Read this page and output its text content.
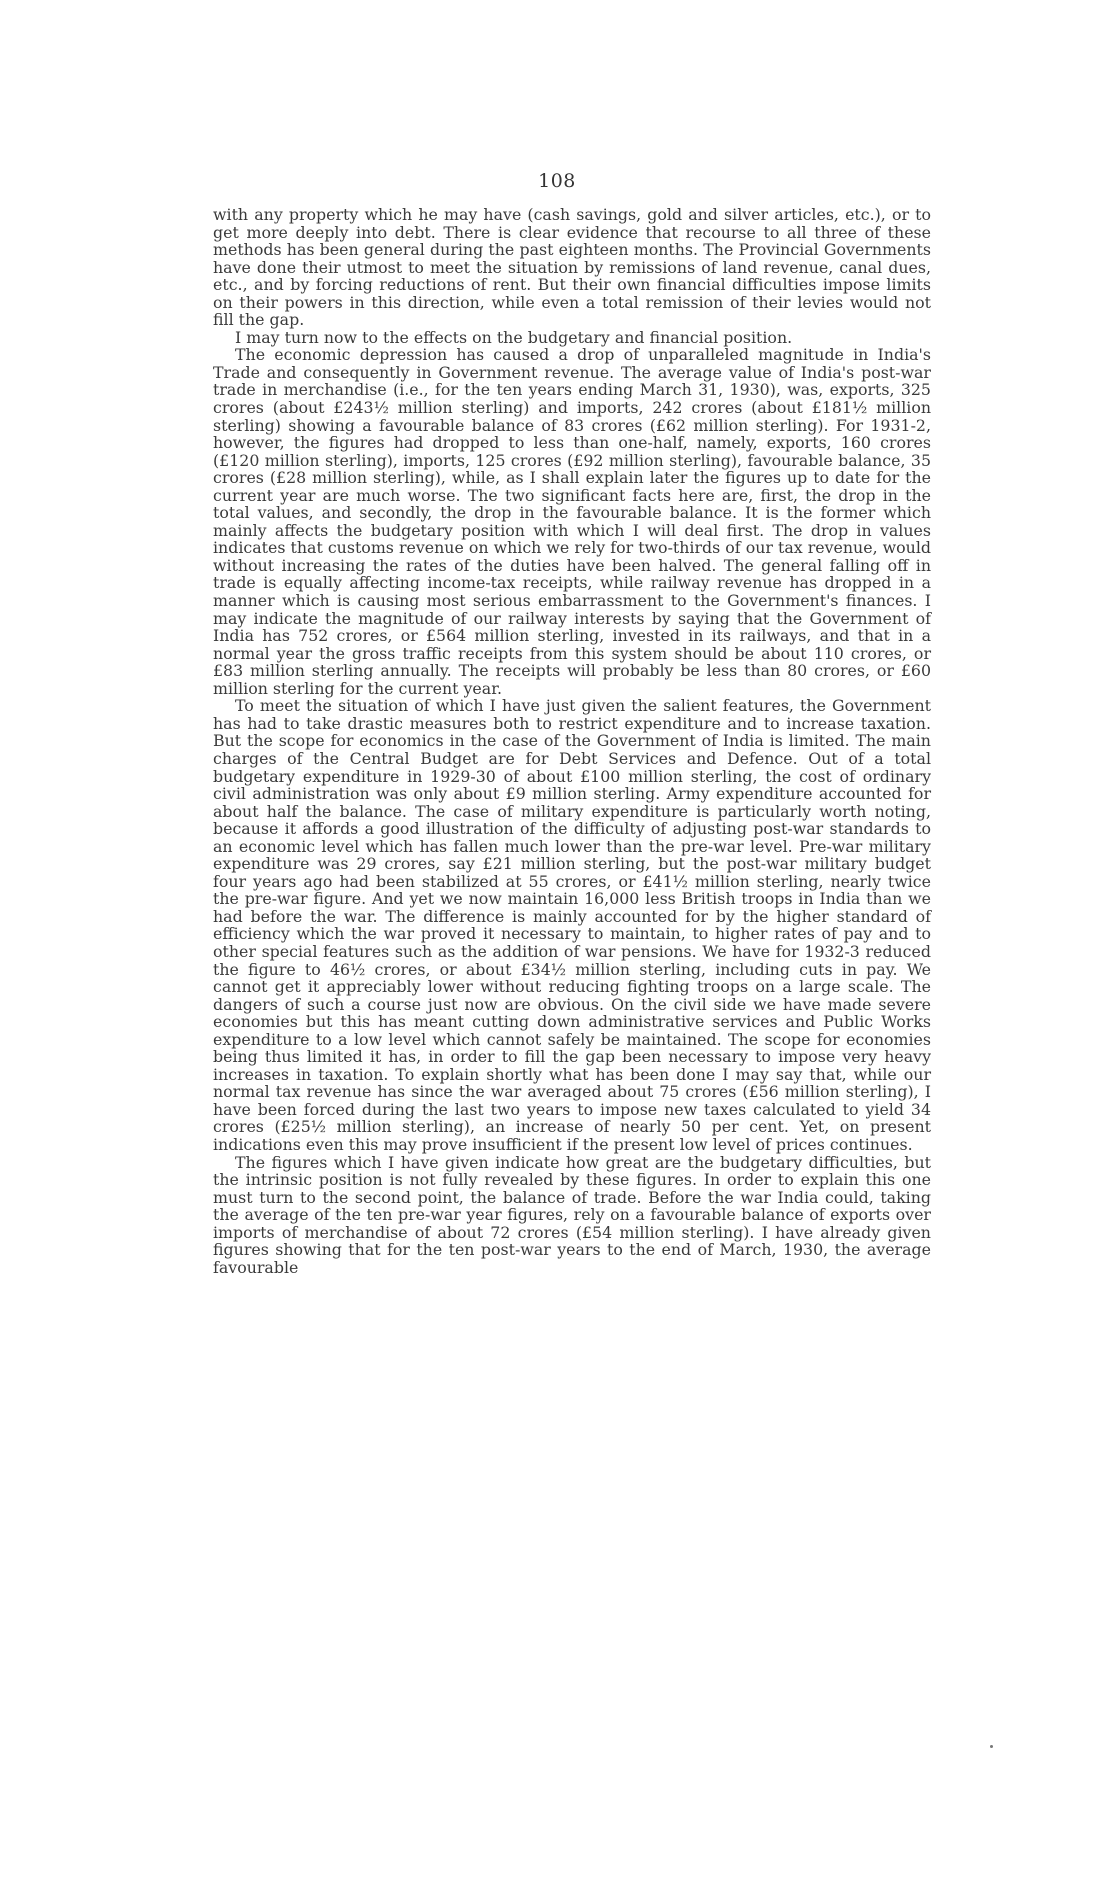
108

with any property which he may have (cash savings, gold and silver articles, etc.), or to get more deeply into debt. There is clear evidence that recourse to all three of these methods has been general during the past eighteen months. The Provincial Governments have done their utmost to meet the situation by remissions of land revenue, canal dues, etc., and by forcing reductions of rent. But their own financial difficulties impose limits on their powers in this direction, while even a total remission of their levies would not fill the gap.

I may turn now to the effects on the budgetary and financial position.

The economic depression has caused a drop of unparalleled magnitude in India's Trade and consequently in Government revenue. The average value of India's post-war trade in merchandise (i.e., for the ten years ending March 31, 1930), was, exports, 325 crores (about £243½ million sterling) and imports, 242 crores (about £181½ million sterling) showing a favourable balance of 83 crores (£62 million sterling). For 1931-2, however, the figures had dropped to less than one-half, namely, exports, 160 crores (£120 million sterling), imports, 125 crores (£92 million sterling), favourable balance, 35 crores (£28 million sterling), while, as I shall explain later the figures up to date for the current year are much worse. The two significant facts here are, first, the drop in the total values, and secondly, the drop in the favourable balance. It is the former which mainly affects the budgetary position with which I will deal first. The drop in values indicates that customs revenue on which we rely for two-thirds of our tax revenue, would without increasing the rates of the duties have been halved. The general falling off in trade is equally affecting income-tax receipts, while railway revenue has dropped in a manner which is causing most serious embarrassment to the Government's finances. I may indicate the magnitude of our railway interests by saying that the Government of India has 752 crores, or £564 million sterling, invested in its railways, and that in a normal year the gross traffic receipts from this system should be about 110 crores, or £83 million sterling annually. The receipts will probably be less than 80 crores, or £60 million sterling for the current year.

To meet the situation of which I have just given the salient features, the Government has had to take drastic measures both to restrict expenditure and to increase taxation. But the scope for economics in the case of the Government of India is limited. The main charges of the Central Budget are for Debt Services and Defence. Out of a total budgetary expenditure in 1929-30 of about £100 million sterling, the cost of ordinary civil administration was only about £9 million sterling. Army expenditure accounted for about half the balance. The case of military expenditure is particularly worth noting, because it affords a good illustration of the difficulty of adjusting post-war standards to an economic level which has fallen much lower than the pre-war level. Pre-war military expenditure was 29 crores, say £21 million sterling, but the post-war military budget four years ago had been stabilized at 55 crores, or £41½ million sterling, nearly twice the pre-war figure. And yet we now maintain 16,000 less British troops in India than we had before the war. The difference is mainly accounted for by the higher standard of efficiency which the war proved it necessary to maintain, to higher rates of pay and to other special features such as the addition of war pensions. We have for 1932-3 reduced the figure to 46½ crores, or about £34½ million sterling, including cuts in pay. We cannot get it appreciably lower without reducing fighting troops on a large scale. The dangers of such a course just now are obvious. On the civil side we have made severe economies but this has meant cutting down administrative services and Public Works expenditure to a low level which cannot safely be maintained. The scope for economies being thus limited it has, in order to fill the gap been necessary to impose very heavy increases in taxation. To explain shortly what has been done I may say that, while our normal tax revenue has since the war averaged about 75 crores (£56 million sterling), I have been forced during the last two years to impose new taxes calculated to yield 34 crores (£25½ million sterling), an increase of nearly 50 per cent. Yet, on present indications even this may prove insufficient if the present low level of prices continues.

The figures which I have given indicate how great are the budgetary difficulties, but the intrinsic position is not fully revealed by these figures. In order to explain this one must turn to the second point, the balance of trade. Before the war India could, taking the average of the ten pre-war year figures, rely on a favourable balance of exports over imports of merchandise of about 72 crores (£54 million sterling). I have already given figures showing that for the ten post-war years to the end of March, 1930, the average favourable
